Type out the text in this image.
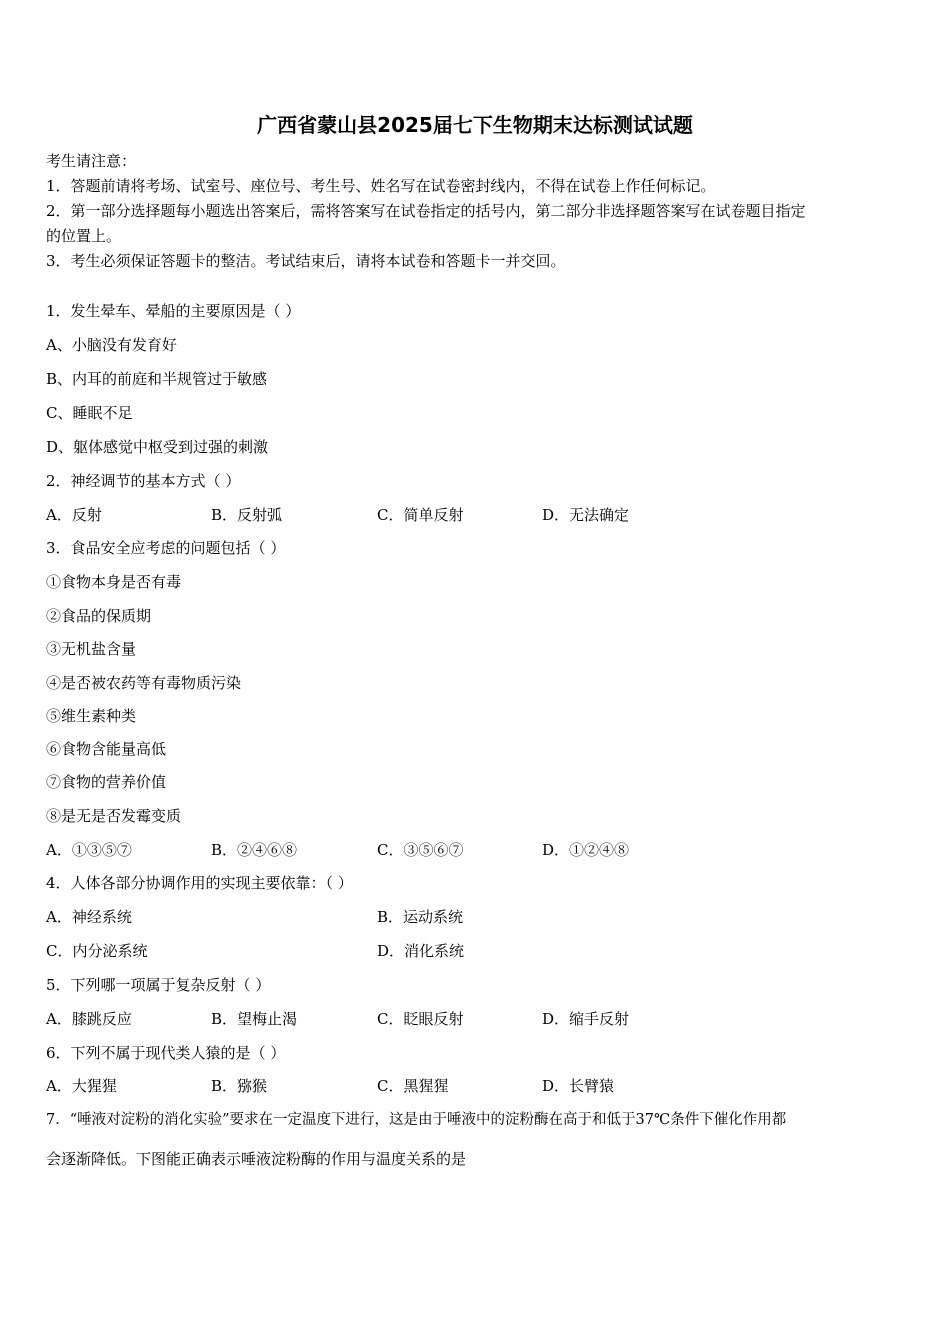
广西省蒙山县2025届七下生物期末达标测试试题
考生请注意：
1．答题前请将考场、试室号、座位号、考生号、姓名写在试卷密封线内，不得在试卷上作任何标记。
2．第一部分选择题每小题选出答案后，需将答案写在试卷指定的括号内，第二部分非选择题答案写在试卷题目指定
的位置上。
3．考生必须保证答题卡的整洁。考试结束后，请将本试卷和答题卡一并交回。
1．发生晕车、晕船的主要原因是（ ）
A、小脑没有发育好
B、内耳的前庭和半规管过于敏感
C、睡眠不足
D、躯体感觉中枢受到过强的刺激
2．神经调节的基本方式（ ）
A．反射	B．反射弧	C．简单反射	D．无法确定
3．食品安全应考虑的问题包括（ ）
①食物本身是否有毒
②食品的保质期
③无机盐含量
④是否被农药等有毒物质污染
⑤维生素种类
⑥食物含能量高低
⑦食物的营养价值
⑧是无是否发霉变质
A．①③⑤⑦	B．②④⑥⑧	C．③⑤⑥⑦	D．①②④⑧
4．人体各部分协调作用的实现主要依靠：（ ）
A．神经系统	B．运动系统
C．内分泌系统	D．消化系统
5．下列哪一项属于复杂反射（ ）
A．膝跳反应	B．望梅止渴	C．眨眼反射	D．缩手反射
6．下列不属于现代类人猿的是（ ）
A．大猩猩	B．猕猴	C．黑猩猩	D．长臂猿
7．“唾液对淀粉的消化实验”要求在一定温度下进行，这是由于唾液中的淀粉酶在高于和低于37℃条件下催化作用都
会逐渐降低。下图能正确表示唾液淀粉酶的作用与温度关系的是
